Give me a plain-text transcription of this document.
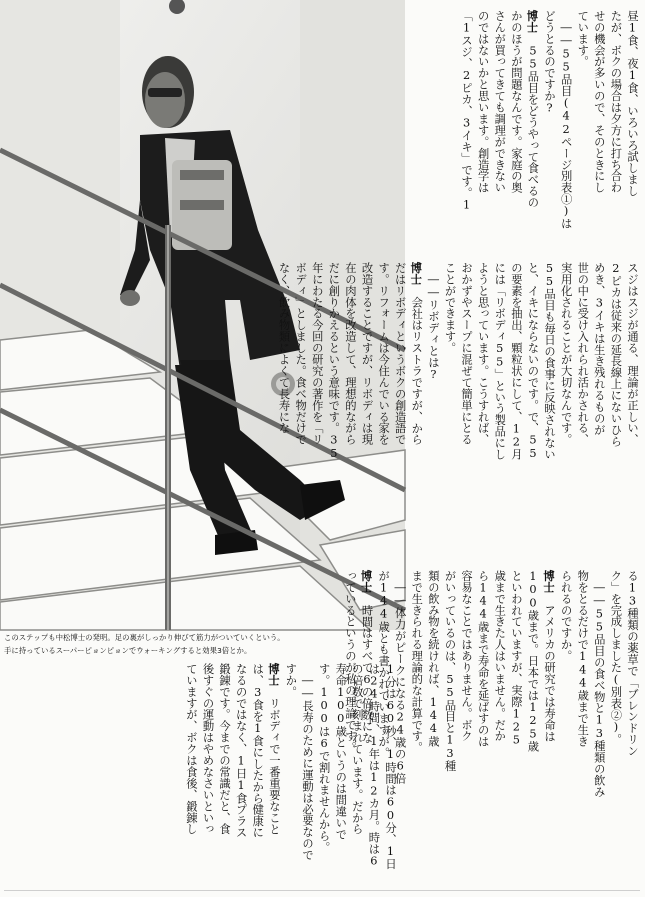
このステップも中松博士の発明。足の裏がしっかり伸びて筋力がついていくという。
手に持っているスーパーピョンピョンでウォーキングすると効果3倍とか。
昼1食、夜1食、いろいろ試しまし
たが、ボクの場合は夕方に打ち合わ
せの機会が多いので、そのときにし
ています。
――55品目(42ページ別表①)は
どうとるのですか?
博士55品目をどうやって食べるの
かのほうが問題なんです。家庭の奥
さんが買ってきても調理ができない
のではないかと思います。創造学は
「1スジ、2ピカ、3イキ」です。1
スジはスジが通る、理論が正しい、
2ピカは従来の延長線上にないひら
めき、3イキは生き残れるものが
世の中に受け入れられ活かされる、
実用化されることが大切なんです。
55品目も毎日の食事に反映されない
と、イキにならないのです。で、55
の要素を抽出、顆粒状にして、12月
には「リボディ55」という製品にし
ようと思っています。こうすれば、
おかずやスープに混ぜて簡単にとる
ことができます。
――リボディとは?
博士会社はリストラですが、から
だはリボディというボクの創造語で
す。リフォームは今住んでいる家を
改造することですが、リボディは現
在の肉体を改造して、理想的ながら
だに創りかえるという意味です。35
年にわたる今回の研究の著作を「リ
ボディ」としました。食べ物だけで
なく、飲み物類によくて長寿にな
る13種類の薬草で「ブレンドリン
ク」を完成しました(別表②)。
――55品目の食べ物と13種類の飲み
物をとるだけで144歳まで生き
られるのですか。
博士アメリカの研究では寿命は
100歳まで。日本では125歳
といわれていますが、実際125
歳まで生きた人はいません。だか
ら144歳まで寿命を延ばすのは
容易なことではありません。ボク
がいっているのは、55品目と13種
類の飲み物を続ければ、144歳
まで生きられる理論的な計算です。
――体力がピークになる24歳の6倍
が144歳とも書かれていますが。
博士時間はすべて6の倍数にな
っているというのが私の理論です。
1分は60秒、1時間は60分、1日
は24時間、1年は12カ月。時は6
の倍数で刻まれています。だから
寿命100歳というのは間違いで
す。100は6で割れませんから。
――長寿のために運動は必要なので
すか。
博士リボディで一番重要なこと
は、3食を1食にしたから健康に
なるのではなく、1日1食プラス
鍛錬です。今までの常識だと、食
後すぐの運動はやめなさいといっ
ていますが、ボクは食後、鍛錬し
